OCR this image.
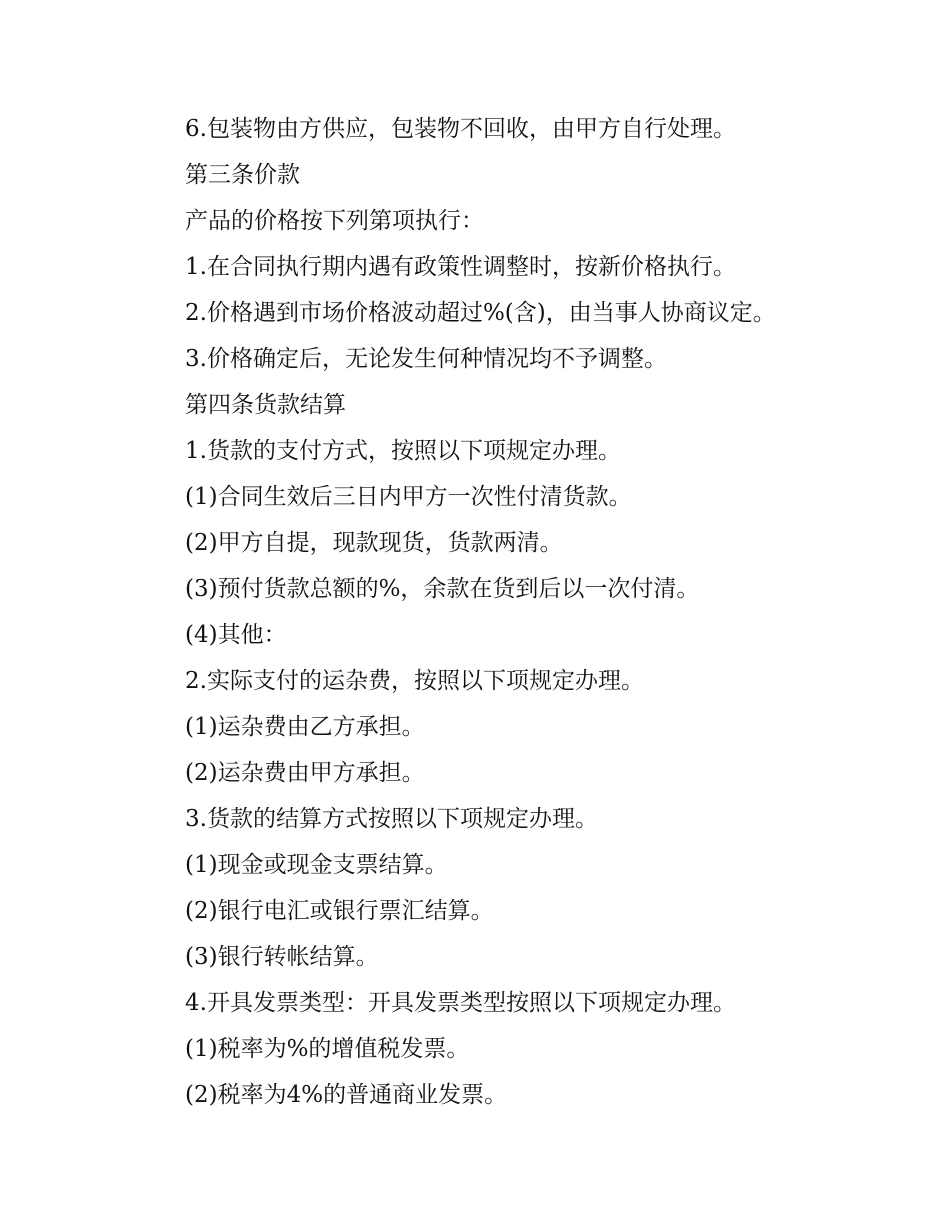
6.包装物由方供应，包装物不回收，由甲方自行处理。
第三条价款
产品的价格按下列第项执行：
1.在合同执行期内遇有政策性调整时，按新价格执行。
2.价格遇到市场价格波动超过%(含)，由当事人协商议定。
3.价格确定后，无论发生何种情况均不予调整。
第四条货款结算
1.货款的支付方式，按照以下项规定办理。
(1)合同生效后三日内甲方一次性付清货款。
(2)甲方自提，现款现货，货款两清。
(3)预付货款总额的%，余款在货到后以一次付清。
(4)其他：
2.实际支付的运杂费，按照以下项规定办理。
(1)运杂费由乙方承担。
(2)运杂费由甲方承担。
3.货款的结算方式按照以下项规定办理。
(1)现金或现金支票结算。
(2)银行电汇或银行票汇结算。
(3)银行转帐结算。
4.开具发票类型：开具发票类型按照以下项规定办理。
(1)税率为%的增值税发票。
(2)税率为4%的普通商业发票。
